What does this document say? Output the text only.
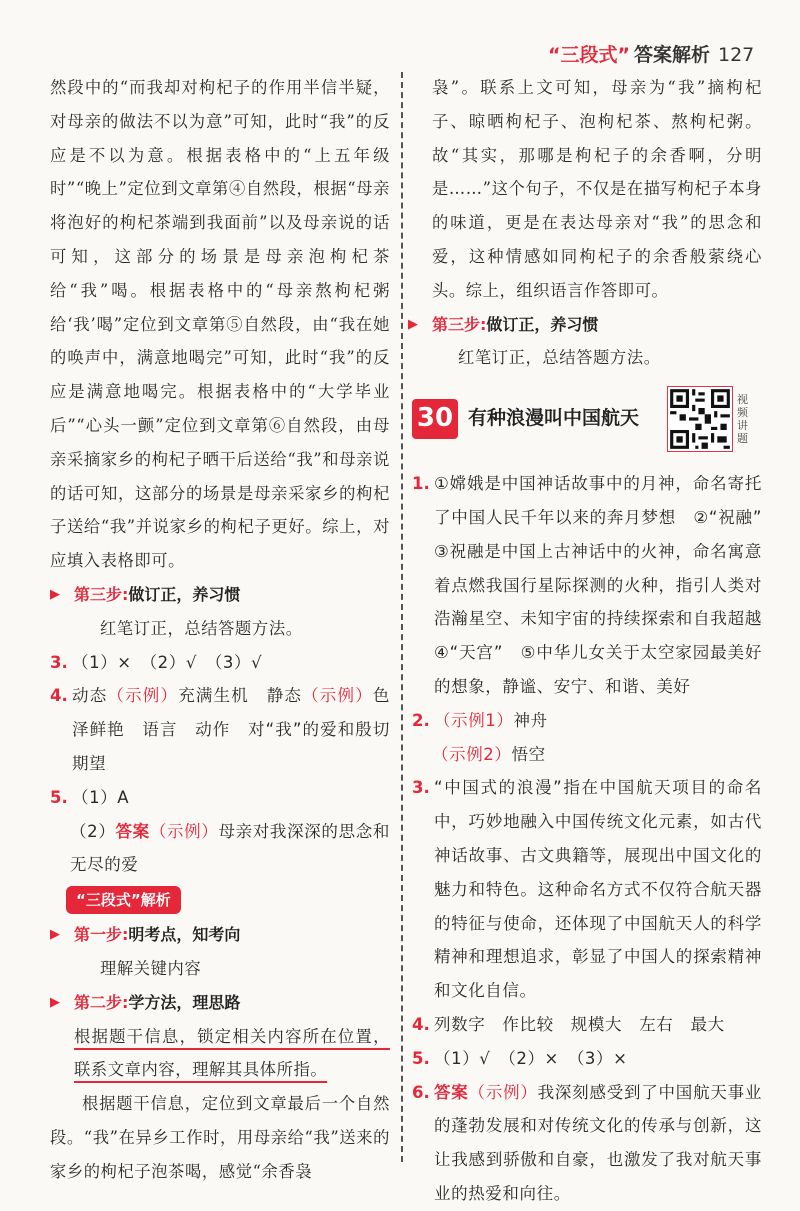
“三段式” 答案解析 127

然段中的“而我却对枸杞子的作用半信半疑，对母亲的做法不以为意”可知，此时“我”的反应是不以为意。根据表格中的“上五年级时”“晚上”定位到文章第④自然段，根据“母亲将泡好的枸杞茶端到我面前”以及母亲说的话可知，这部分的场景是母亲泡枸杞茶给“我”喝。根据表格中的“母亲熬枸杞粥给‘我’喝”定位到文章第⑤自然段，由“我在她的唤声中，满意地喝完”可知，此时“我”的反应是满意地喝完。根据表格中的“大学毕业后”“心头一颤”定位到文章第⑥自然段，由母亲采摘家乡的枸杞子晒干后送给“我”和母亲说的话可知，这部分的场景是母亲采家乡的枸杞子送给“我”并说家乡的枸杞子更好。综上，对应填入表格即可。

▶ 第三步: 做订正，养习惯

红笔订正，总结答题方法。

3. （1）×　（2）√　（3）√
4. 动态（示例）充满生机　静态（示例）色泽鲜艳　语言　动作　对“我”的爱和殷切期望
5. （1）A

（2）答案（示例）母亲对我深深的思念和无尽的爱

“三段式”解析
▶ 第一步: 明考点，知考向

理解关键内容

▶ 第二步: 学方法，理思路

根据题干信息，锁定相关内容所在位置，联系文章内容，理解其具体所指。

根据题干信息，定位到文章最后一个自然段。“我”在异乡工作时，用母亲给“我”送来的家乡的枸杞子泡茶喝，感觉“余香袅

袅”。联系上文可知，母亲为“我”摘枸杞子、晾晒枸杞子、泡枸杞茶、熬枸杞粥。故“其实，那哪是枸杞子的余香啊，分明是……”这个句子，不仅是在描写枸杞子本身的味道，更是在表达母亲对“我”的思念和爱，这种情感如同枸杞子的余香般萦绕心头。综上，组织语言作答即可。

▶ 第三步: 做订正，养习惯

红笔订正，总结答题方法。

30 有种浪漫叫中国航天
视频讲题
1. ①嫦娥是中国神话故事中的月神，命名寄托了中国人民千年以来的奔月梦想　②“祝融”　③祝融是中国上古神话中的火神，命名寓意着点燃我国行星际探测的火种，指引人类对浩瀚星空、未知宇宙的持续探索和自我超越　④“天宫”　⑤中华儿女关于太空家园最美好的想象，静谧、安宁、和谐、美好
2. （示例1）神舟

（示例2）悟空

3. “中国式的浪漫”指在中国航天项目的命名中，巧妙地融入中国传统文化元素，如古代神话故事、古文典籍等，展现出中国文化的魅力和特色。这种命名方式不仅符合航天器的特征与使命，还体现了中国航天人的科学精神和理想追求，彰显了中国人的探索精神和文化自信。
4. 列数字　作比较　规模大　左右　最大
5. （1）√　（2）×　（3）×
6. 答案（示例）我深刻感受到了中国航天事业的蓬勃发展和对传统文化的传承与创新，这让我感到骄傲和自豪，也激发了我对航天事业的热爱和向往。
